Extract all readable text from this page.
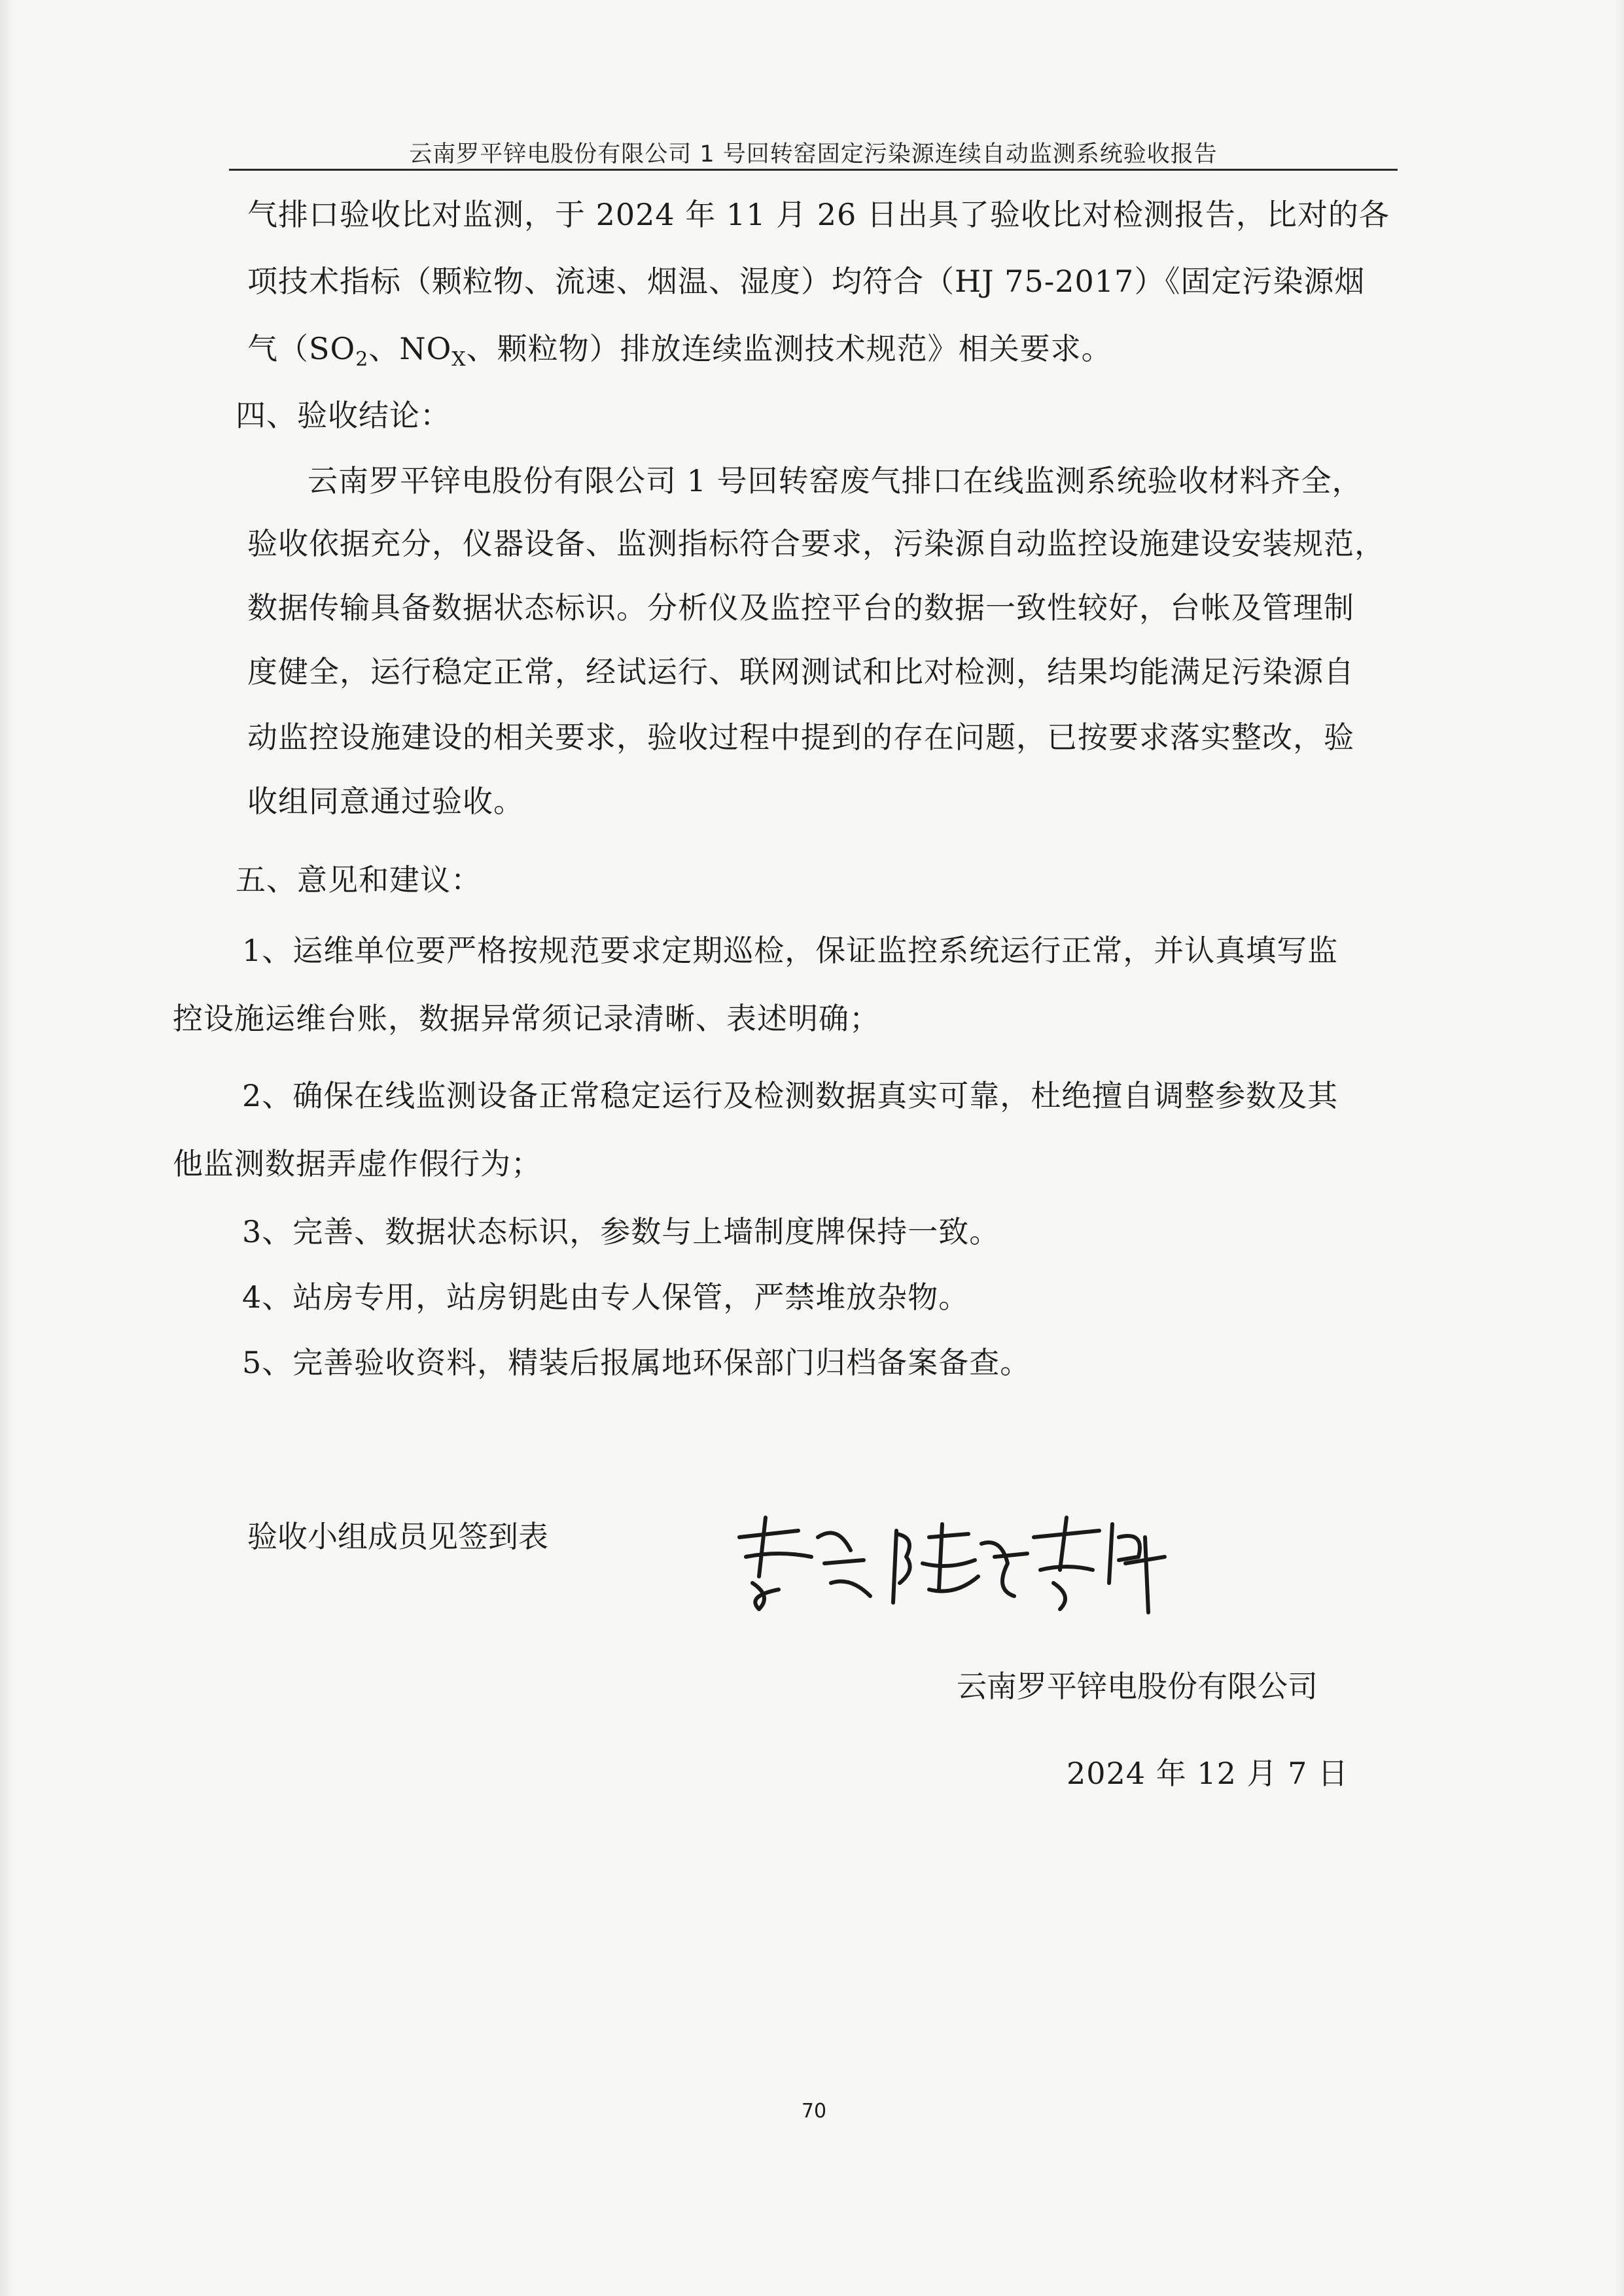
云南罗平锌电股份有限公司 1 号回转窑固定污染源连续自动监测系统验收报告
气排口验收比对监测，于 2024 年 11 月 26 日出具了验收比对检测报告，比对的各
项技术指标（颗粒物、流速、烟温、湿度）均符合（HJ 75-2017）《固定污染源烟
气（$SO_2$、$NO_X$、颗粒物）排放连续监测技术规范》相关要求。
四、验收结论：
云南罗平锌电股份有限公司 1 号回转窑废气排口在线监测系统验收材料齐全，
验收依据充分，仪器设备、监测指标符合要求，污染源自动监控设施建设安装规范，
数据传输具备数据状态标识。分析仪及监控平台的数据一致性较好，台帐及管理制
度健全，运行稳定正常，经试运行、联网测试和比对检测，结果均能满足污染源自
动监控设施建设的相关要求，验收过程中提到的存在问题，已按要求落实整改，验
收组同意通过验收。
五、意见和建议：
1、运维单位要严格按规范要求定期巡检，保证监控系统运行正常，并认真填写监
控设施运维台账，数据异常须记录清晰、表述明确；
2、确保在线监测设备正常稳定运行及检测数据真实可靠，杜绝擅自调整参数及其
他监测数据弄虚作假行为；
3、完善、数据状态标识，参数与上墙制度牌保持一致。
4、站房专用，站房钥匙由专人保管，严禁堆放杂物。
5、完善验收资料，精装后报属地环保部门归档备案备查。
验收小组成员见签到表
云南罗平锌电股份有限公司
2024 年 12 月 7 日
70
